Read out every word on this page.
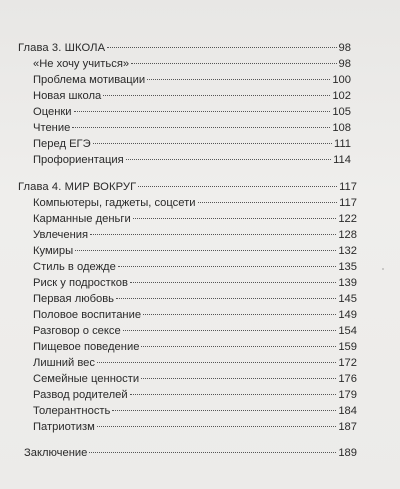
Глава 3. ШКОЛА	98
«Не хочу учиться»	98
Проблема мотивации	100
Новая школа	102
Оценки	105
Чтение	108
Перед ЕГЭ	111
Профориентация	114
Глава 4. МИР ВОКРУГ	117
Компьютеры, гаджеты, соцсети	117
Карманные деньги	122
Увлечения	128
Кумиры	132
Стиль в одежде	135
Риск у подростков	139
Первая любовь	145
Половое воспитание	149
Разговор о сексе	154
Пищевое поведение	159
Лишний вес	172
Семейные ценности	176
Развод родителей	179
Толерантность	184
Патриотизм	187
Заключение	189
